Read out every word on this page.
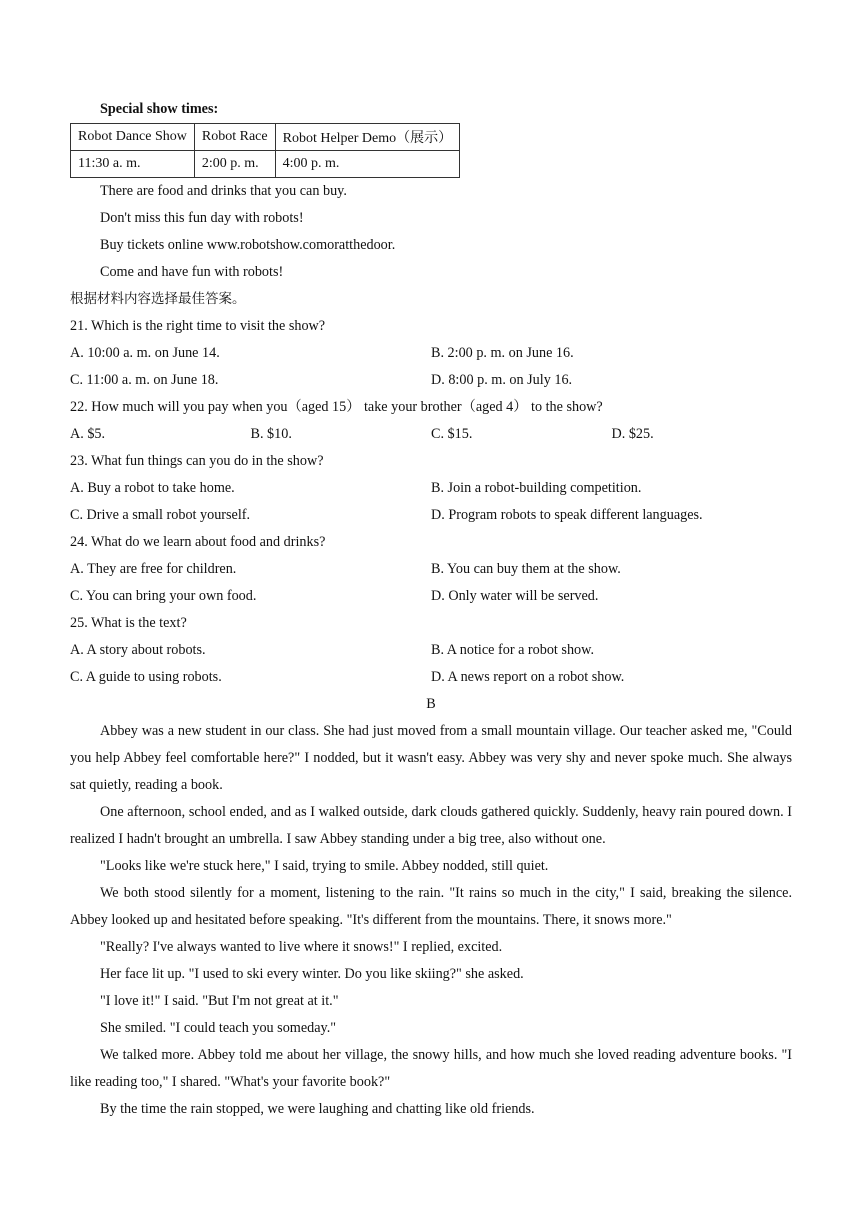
Special show times:
Robot Dance Show	Robot Race	Robot Helper Demo（展示）
11:30 a. m.	2:00 p. m.	4:00 p. m.
There are food and drinks that you can buy.
Don't miss this fun day with robots!
Buy tickets online www.robotshow.comoratthedoor.
Come and have fun with robots!
根据材料内容选择最佳答案。
21. Which is the right time to visit the show?
A. 10:00 a. m. on June 14.	B. 2:00 p. m. on June 16.
C. 11:00 a. m. on June 18.	D. 8:00 p. m. on July 16.
22. How much will you pay when you（aged 15） take your brother（aged 4） to the show?
A. $5.	B. $10.	C. $15.	D. $25.
23. What fun things can you do in the show?
A. Buy a robot to take home.	B. Join a robot-building competition.
C. Drive a small robot yourself.	D. Program robots to speak different languages.
24. What do we learn about food and drinks?
A. They are free for children.	B. You can buy them at the show.
C. You can bring your own food.	D. Only water will be served.
25. What is the text?
A. A story about robots.	B. A notice for a robot show.
C. A guide to using robots.	D. A news report on a robot show.
B
Abbey was a new student in our class. She had just moved from a small mountain village. Our teacher asked me, "Could you help Abbey feel comfortable here?" I nodded, but it wasn't easy. Abbey was very shy and never spoke much. She always sat quietly, reading a book.
One afternoon, school ended, and as I walked outside, dark clouds gathered quickly. Suddenly, heavy rain poured down. I realized I hadn't brought an umbrella. I saw Abbey standing under a big tree, also without one.
"Looks like we're stuck here," I said, trying to smile. Abbey nodded, still quiet.
We both stood silently for a moment, listening to the rain. "It rains so much in the city," I said, breaking the silence. Abbey looked up and hesitated before speaking. "It's different from the mountains. There, it snows more."
"Really? I've always wanted to live where it snows!" I replied, excited.
Her face lit up. "I used to ski every winter. Do you like skiing?" she asked.
"I love it!" I said. "But I'm not great at it."
She smiled. "I could teach you someday."
We talked more. Abbey told me about her village, the snowy hills, and how much she loved reading adventure books. "I like reading too," I shared. "What's your favorite book?"
By the time the rain stopped, we were laughing and chatting like old friends.
